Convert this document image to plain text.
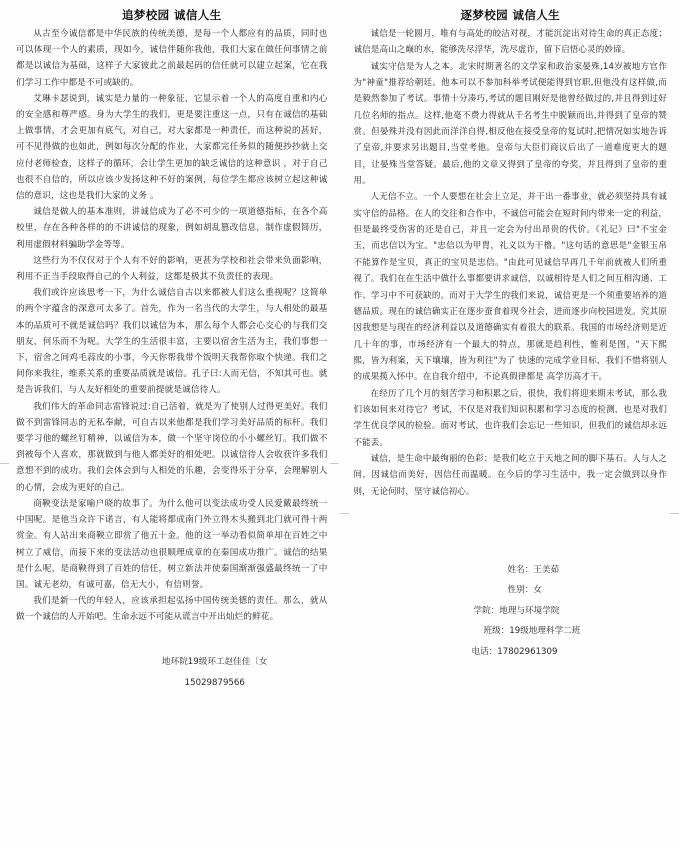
追梦校园 诚信人生

从古至今诚信都是中华民族的传统美德，是每一个人都应有的品质，同时也可以体现一个人的素质，现如今，诚信伴随你我他，我们大家在做任何事情之前都是以诚信为基础，这样子大家彼此之前最起码的信任就可以建立起案，它在我们学习工作中都是不可或缺的。

艾琳卡瑟说到，诚实是力量的一种象征，它显示着一个人的高度自重和内心的安全感和尊严感。身为大学生的我们，更是要注重这一点，只有在诚信的基础上做事情，才会更加有底气，对自己，对大家都是一种责任，而这种说的甚好，可不见得做的也如此，例如每次分配的作业，大家都完任务似的随便抄抄就上交应付老师检查，这样子的循环，会让学生更加的缺乏诚信的这种意识 ，对于自己也很不自信的，所以应该少发扬这种不好的案例，每位学生都应该树立起这种诚信的意识，这也是我们大家的义务 。

诚信是做人的基本准则，讲诚信成为了必不可少的一项道德指标，在各个高校里，存在各种各样的的不讲诚信的现象，例如胡乱篡改信息，制作虚假简历，利用虚假材料骗助学金等等。

这些行为不仅仅对于个人有不好的影响，更甚为学校和社会带来负面影响，利用不正当手段取得自己的个人利益，这都是极其不负责任的表现。

我们或许应该思考一下，为什么诚信自古以来都被人们这么重视呢？这简单的两个字蕴含的深意可太多了。首先，作为一名当代的大学生，与人相处的最基本的品质可不就是诚信吗？我们以诚信为本，那么每个人都会心交心的与我们交朋友，何乐而不为呢。大学生的生活很丰富，主要以宿舍生活为主，我们事想一下，宿舍之间鸡毛蒜皮的小事，今天你帮我带个饭明天我帮你取个快递。我们之间你来我往，维系关系的重要品质就是诚信。孔子曰:人而无信，不知其可也。就是告诉我们，与人友好相处的重要前提就是诚信待人。

我们伟大的革命同志雷锋说过:自己活着，就是为了使别人过得更美好。我们做不到雷锋同志的无私奉献，可自古以来他都是我们学习美好品质的标杆。我们要学习他的螺丝钉精神，以诚信为本，做一个坚守岗位的小小螺丝钉。我们做不到被每个人喜欢，那就做到与他人都美好的相处吧。以诚信待人会收获许多我们意想不到的成功。我们会体会到与人相处的乐趣，会变得乐于分享，会理解别人的心情，会成为更好的自己。

商鞅变法是家喻户晓的故事了。为什么他可以变法成功受人民爱戴最终统一中国呢。是他当众许下诺言，有人能将都成南门外立得木头搬到北门就可得十两赏金。有人站出来商鞅立即赏了他五十金。他的这一举动看似简单却在百姓之中树立了威信，而接下来的变法活动也很顺理成章的在秦国成功推广。诚信的结果是什么呢，是商鞅得到了百姓的信任，树立新法并使秦国渐渐强盛最终统一了中国。诚无老幼，有诚可嘉，信无大小，有信则誉。

我们是新一代的年轻人，应该承担起弘扬中国传统美德的责任。那么，就从做一个诚信的人开始吧。生命永远不可能从谎言中开出灿烂的鲜花。

地环院19级环工赵佳佳〔女
15029879566
逐梦校园 诚信人生

诚信是一轮圆月，唯有与高处的皎洁对视，才能沉淀出对待生命的真正态度；诚信是高山之巅的水，能够洗尽浮华，洗尽虚诈，留下启悟心灵的妙谛。

诚实守信是为人之本。北宋时期著名的文学家和政治家晏殊,14岁被地方官作为"神童"推荐给朝廷。他本可以不参加科举考试便能得到官职,但他没有这样做,而是毅然参加了考试。事情十分凑巧,考试的题目刚好是他曾经做过的,并且得到过好几位名师的指点。这样,他毫不费力得就从千名考生中脱颖而出,并得到了皇帝的赞赏。但晏殊并没有因此而洋洋自得,相反他在接受皇帝的复试时,把情况如实地告诉了皇帝,并要求另出题目,当堂考他。皇帝与大臣们商议后出了一道难度更大的题目，让晏殊当堂答疑。最后,他的文章又得到了皇帝的夸奖，并且得到了皇帝的重用。

人无信不立。一个人要想在社会上立足，并干出一番事业，就必须坚持具有诚实守信的品格。在人的交往和合作中，不诚信可能会在短时间内带来一定的利益，但是最终受伤害的还是自己，并且一定会为付出昂贵的代价。《礼记》曰"不宝金玉，而忠信以为宝。"忠信以为甲胄，礼义以为干橹。"这句话的意思是"金银玉帛不能算作是宝贝，真正的宝贝是忠信。"由此可见诚信早再几千年前就被人们所重视了。我们在在生活中做什么事都要讲求诚信，以诚相待是人们之间互相沟通、工作、学习中不可获缺的。而对于大学生的我们来说，诚信更是一个须重要培养的道德品质。现在的诚信确实正在逐步蚕食着现今社会，进而逐步向校园进发。究其原因我想是与现在的经济利益以及道德确实有着很大的联系。我国的市场经济则是近几十年的事，市场经济有一个最大的特点，那就是趋利性，惟利是图，"天下熙熙，皆为利案，天下壤壤，皆为利往"为了 快速的完成学业目标，我们不惜将别人的成果揽入怀中。在自我介绍中，不论真假律都是 高学历高才干。

在经历了几个月的刻苦学习和积累之后，很快，我们将迎来期末考试，那么我们该如何来对待它？考试，不仅是对我们知识积累和学习态度的检测，也是对我们学生优良学风的检验。面对考试，也许我们会忘记一些知识，但我们的诚信却永远不能丢。

诚信，是生命中最绚丽的色彩；是我们屹立于天地之间的脚下基石。人与人之间，因诚信而美好，因信任而温暖。在今后的学习生活中，我一定会做到以身作则，无论何时，坚守诚信初心。

姓名：王美茹
性别：女
学院：地理与环境学院
班级：19级地理科学二班
电话：17802961309
